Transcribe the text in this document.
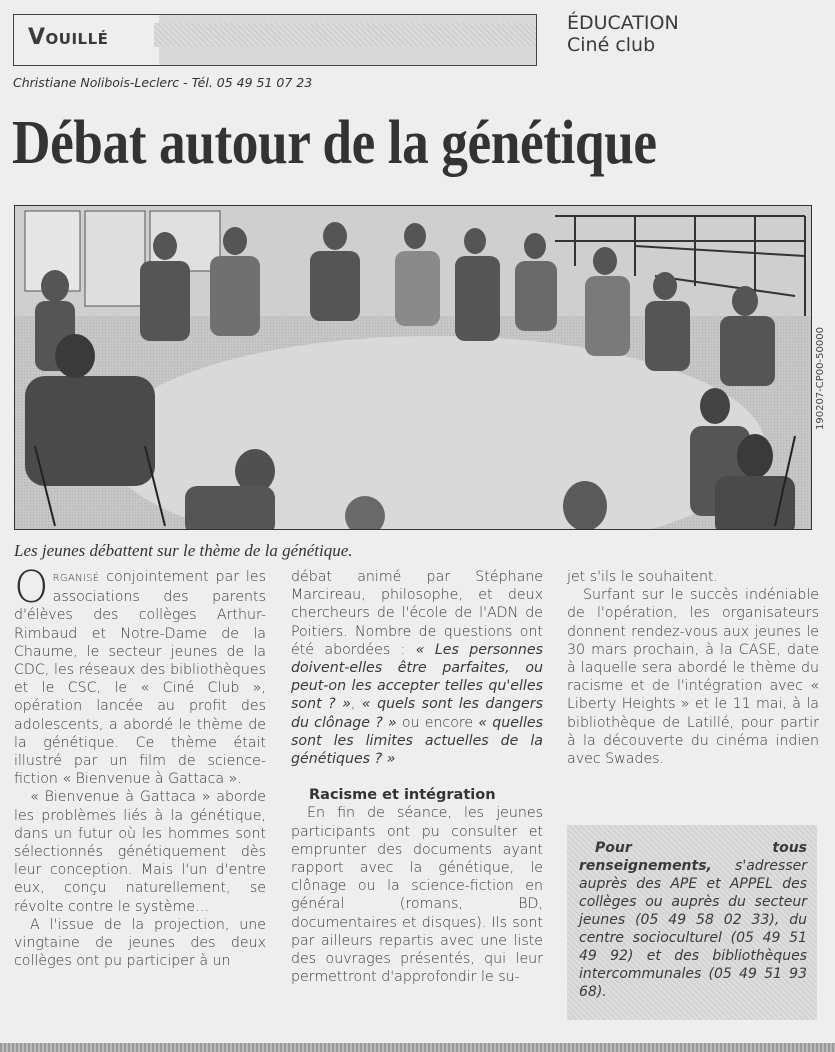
Vouillé
ÉDUCATION
Ciné club
Christiane Nolibois-Leclerc - Tél. 05 49 51 07 23
Débat autour de la génétique
190207-CP00-50000
Les jeunes débattent sur le thème de la génétique.

ORGANISÉ conjointement par les associations des parents d'élèves des collèges Arthur-Rimbaud et Notre-Dame de la Chaume, le secteur jeunes de la CDC, les réseaux des bibliothèques et le CSC, le « Ciné Club », opération lancée au profit des adolescents, a abordé le thème de la génétique. Ce thème était illustré par un film de science-fiction « Bienvenue à Gattaca ».

« Bienvenue à Gattaca » aborde les problèmes liés à la génétique, dans un futur où les hommes sont sélectionnés génétiquement dès leur conception. Mais l'un d'entre eux, conçu naturellement, se révolte contre le système…

A l'issue de la projection, une vingtaine de jeunes des deux collèges ont pu participer à un

débat animé par Stéphane Marcireau, philosophe, et deux chercheurs de l'école de l'ADN de Poitiers. Nombre de questions ont été abordées : « Les personnes doivent-elles être parfaites, ou peut-on les accepter telles qu'elles sont ? », « quels sont les dangers du clônage ? » ou encore « quelles sont les limites actuelles de la génétiques ? »

Racisme et intégration

En fin de séance, les jeunes participants ont pu consulter et emprunter des documents ayant rapport avec la génétique, le clônage ou la science-fiction en général (romans, BD, documentaires et disques). Ils sont par ailleurs repartis avec une liste des ouvrages présentés, qui leur permettront d'approfondir le su-

jet s'ils le souhaitent.

Surfant sur le succès indéniable de l'opération, les organisateurs donnent rendez-vous aux jeunes le 30 mars prochain, à la CASE, date à laquelle sera abordé le thème du racisme et de l'intégration avec « Liberty Heights » et le 11 mai, à la bibliothèque de Latillé, pour partir à la découverte du cinéma indien avec Swades.

Pour tous renseignements, s'adresser auprès des APE et APPEL des collèges ou auprès du secteur jeunes (05 49 58 02 33), du centre socioculturel (05 49 51 49 92) et des bibliothèques intercommunales (05 49 51 93 68).
